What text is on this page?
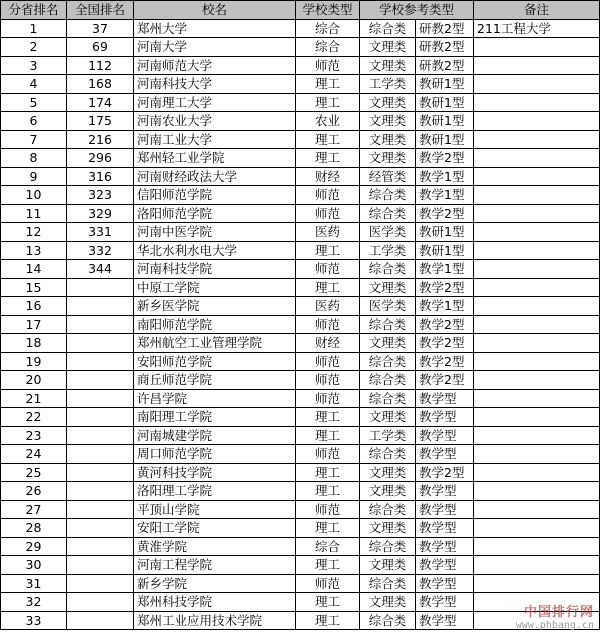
分省排名	全国排名	校名	学校类型	学校参考类型		备注
1	37	郑州大学	综合	综合类	研教2型	211工程大学
2	69	河南大学	综合	文理类	研教2型	
3	112	河南师范大学	师范	文理类	研教2型	
4	168	河南科技大学	理工	工学类	教研1型	
5	174	河南理工大学	理工	文理类	教研1型	
6	175	河南农业大学	农业	文理类	教研1型	
7	216	河南工业大学	理工	文理类	教研1型	
8	296	郑州轻工业学院	理工	文理类	教学2型	
9	316	河南财经政法大学	财经	经管类	教学1型	
10	323	信阳师范学院	师范	综合类	教学1型	
11	329	洛阳师范学院	师范	综合类	教学2型	
12	331	河南中医学院	医药	医学类	教研1型	
13	332	华北水利水电大学	理工	工学类	教研1型	
14	344	河南科技学院	师范	综合类	教学1型	
15		中原工学院	理工	文理类	教学2型	
16		新乡医学院	医药	医学类	教学1型	
17		南阳师范学院	师范	综合类	教学2型	
18		郑州航空工业管理学院	财经	文理类	教学2型	
19		安阳师范学院	师范	综合类	教学2型	
20		商丘师范学院	师范	综合类	教学2型	
21		许昌学院	师范	综合类	教学型	
22		南阳理工学院	理工	文理类	教学型	
23		河南城建学院	理工	工学类	教学型	
24		周口师范学院	师范	综合类	教学型	
25		黄河科技学院	理工	文理类	教学2型	
26		洛阳理工学院	理工	文理类	教学型	
27		平顶山学院	师范	综合类	教学型	
28		安阳工学院	理工	文理类	教学型	
29		黄淮学院	综合	综合类	教学型	
30		河南工程学院	理工	文理类	教学型	
31		新乡学院	师范	综合类	教学型	
32		郑州科技学院	理工	文理类	教学型	
33		郑州工业应用技术学院	理工	综合类	教学型	
中国排行网
www.phbang.cn
